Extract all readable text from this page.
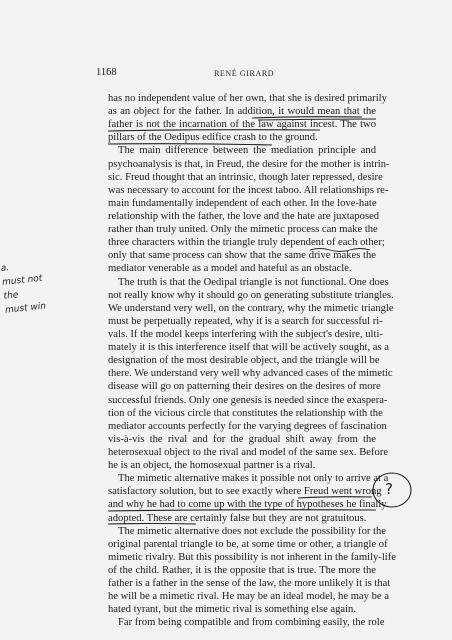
1168	RENÉ GIRARD
has no independent value of her own, that she is desired primarily
as an object for the father. In addition, it would mean that the
father is not the incarnation of the law against incest. The two
pillars of the Oedipus edifice crash to the ground.
The main difference between the mediation principle and
psychoanalysis is that, in Freud, the desire for the mother is intrin-
sic. Freud thought that an intrinsic, though later repressed, desire
was necessary to account for the incest taboo. All relationships re-
main fundamentally independent of each other. In the love-hate
relationship with the father, the love and the hate are juxtaposed
rather than truly united. Only the mimetic process can make the
three characters within the triangle truly dependent of each other;
only that same process can show that the same drive makes the
mediator venerable as a model and hateful as an obstacle.
The truth is that the Oedipal triangle is not functional. One does
not really know why it should go on generating substitute triangles.
We understand very well, on the contrary, why the mimetic triangle
must be perpetually repeated, why it is a search for successful ri-
vals. If the model keeps interfering with the subject's desire, ulti-
mately it is this interference itself that will be actively sought, as a
designation of the most desirable object, and the triangle will be
there. We understand very well why advanced cases of the mimetic
disease will go on patterning their desires on the desires of more
successful friends. Only one genesis is needed since the exaspera-
tion of the vicious circle that constitutes the relationship with the
mediator accounts perfectly for the varying degrees of fascination
vis-à-vis the rival and for the gradual shift away from the
heterosexual object to the rival and model of the same sex. Before
he is an object, the homosexual partner is a rival.
The mimetic alternative makes it possible not only to arrive at a
satisfactory solution, but to see exactly where Freud went wrong
and why he had to come up with the type of hypotheses he finally
adopted. These are certainly false but they are not gratuitous.
The mimetic alternative does not exclude the possibility for the
original parental triangle to be, at some time or other, a triangle of
mimetic rivalry. But this possibility is not inherent in the family-life
of the child. Rather, it is the opposite that is true. The more the
father is a father in the sense of the law, the more unlikely it is that
he will be a mimetic rival. He may be an ideal model, he may be a
hated tyrant, but the mimetic rival is something else again.
Far from being compatible and from combining easily, the role
a.
must not
the
must win
?
